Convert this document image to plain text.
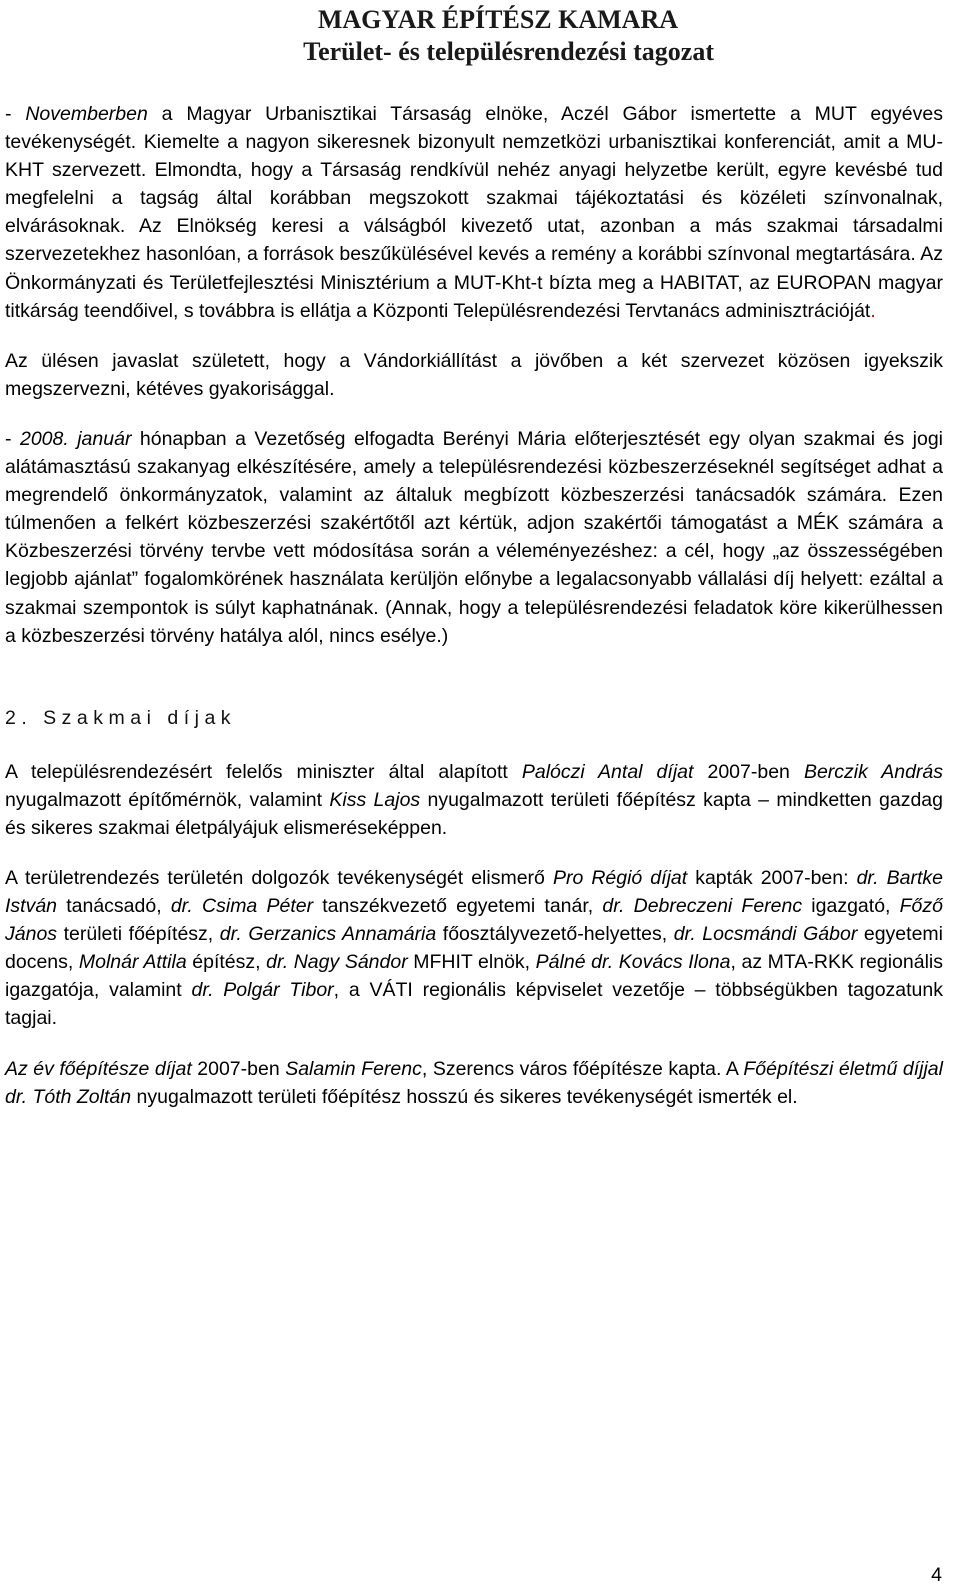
MAGYAR ÉPÍTÉSZ KAMARA
Terület- és településrendezési tagozat

- Novemberben a Magyar Urbanisztikai Társaság elnöke, Aczél Gábor ismertette a MUT egyéves tevékenységét. Kiemelte a nagyon sikeresnek bizonyult nemzetközi urbanisztikai konferenciát, amit a MU-KHT szervezett. Elmondta, hogy a Társaság rendkívül nehéz anyagi helyzetbe került, egyre kevésbé tud megfelelni a tagság által korábban megszokott szakmai tájékoztatási és közéleti színvonalnak, elvárásoknak. Az Elnökség keresi a válságból kivezető utat, azonban a más szakmai társadalmi szervezetekhez hasonlóan, a források beszűkülésével kevés a remény a korábbi színvonal megtartására. Az Önkormányzati és Területfejlesztési Minisztérium a MUT-Kht-t bízta meg a HABITAT, az EUROPAN magyar titkárság teendőivel, s továbbra is ellátja a Központi Településrendezési Tervtanács adminisztrációját.

Az ülésen javaslat született, hogy a Vándorkiállítást a jövőben a két szervezet közösen igyekszik megszervezni, kétéves gyakorisággal.

- 2008. január hónapban a Vezetőség elfogadta Berényi Mária előterjesztését egy olyan szakmai és jogi alátámasztású szakanyag elkészítésére, amely a településrendezési közbeszerzéseknél segítséget adhat a megrendelő önkormányzatok, valamint az általuk megbízott közbeszerzési tanácsadók számára. Ezen túlmenően a felkért közbeszerzési szakértőtől azt kértük, adjon szakértői támogatást a MÉK számára a Közbeszerzési törvény tervbe vett módosítása során a véleményezéshez: a cél, hogy „az összességében legjobb ajánlat” fogalomkörének használata kerüljön előnybe a legalacsonyabb vállalási díj helyett: ezáltal a szakmai szempontok is súlyt kaphatnának. (Annak, hogy a településrendezési feladatok köre kikerülhessen a közbeszerzési törvény hatálya alól, nincs esélye.)

2. Szakmai díjak

A településrendezésért felelős miniszter által alapított Palóczi Antal díjat 2007-ben Berczik András nyugalmazott építőmérnök, valamint Kiss Lajos nyugalmazott területi főépítész kapta – mindketten gazdag és sikeres szakmai életpályájuk elismeréseképpen.

A területrendezés területén dolgozók tevékenységét elismerő Pro Régió díjat kapták 2007-ben: dr. Bartke István tanácsadó, dr. Csima Péter tanszékvezető egyetemi tanár, dr. Debreczeni Ferenc igazgató, Főző János területi főépítész, dr. Gerzanics Annamária főosztályvezető-helyettes, dr. Locsmándi Gábor egyetemi docens, Molnár Attila építész, dr. Nagy Sándor MFHIT elnök, Pálné dr. Kovács Ilona, az MTA-RKK regionális igazgatója, valamint dr. Polgár Tibor, a VÁTI regionális képviselet vezetője – többségükben tagozatunk tagjai.

Az év főépítésze díjat 2007-ben Salamin Ferenc, Szerencs város főépítésze kapta. A Főépítészi életmű díjjal dr. Tóth Zoltán nyugalmazott területi főépítész hosszú és sikeres tevékenységét ismerték el.

4
